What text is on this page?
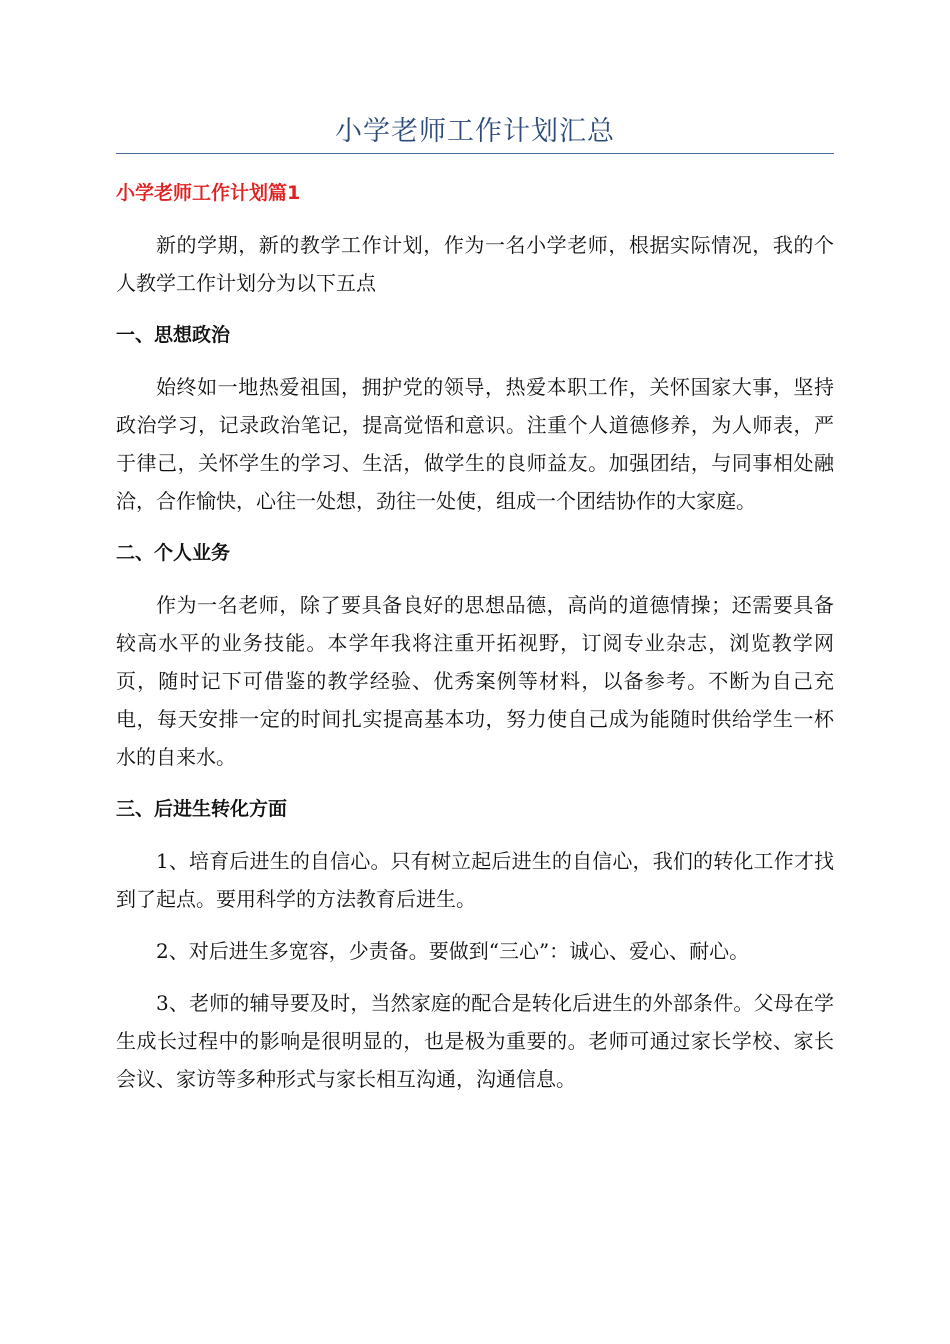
小学老师工作计划汇总
小学老师工作计划篇1

新的学期，新的教学工作计划，作为一名小学老师，根据实际情况，我的个人教学工作计划分为以下五点

一、思想政治

始终如一地热爱祖国，拥护党的领导，热爱本职工作，关怀国家大事，坚持政治学习，记录政治笔记，提高觉悟和意识。注重个人道德修养，为人师表，严于律己，关怀学生的学习、生活，做学生的良师益友。加强团结，与同事相处融洽，合作愉快，心往一处想，劲往一处使，组成一个团结协作的大家庭。

二、个人业务

作为一名老师，除了要具备良好的思想品德，高尚的道德情操；还需要具备较高水平的业务技能。本学年我将注重开拓视野，订阅专业杂志，浏览教学网页，随时记下可借鉴的教学经验、优秀案例等材料，以备参考。不断为自己充电，每天安排一定的时间扎实提高基本功，努力使自己成为能随时供给学生一杯水的自来水。

三、后进生转化方面

1、培育后进生的自信心。只有树立起后进生的自信心，我们的转化工作才找到了起点。要用科学的方法教育后进生。

2、对后进生多宽容，少责备。要做到“三心”：诚心、爱心、耐心。

3、老师的辅导要及时，当然家庭的配合是转化后进生的外部条件。父母在学生成长过程中的影响是很明显的，也是极为重要的。老师可通过家长学校、家长会议、家访等多种形式与家长相互沟通，沟通信息。
